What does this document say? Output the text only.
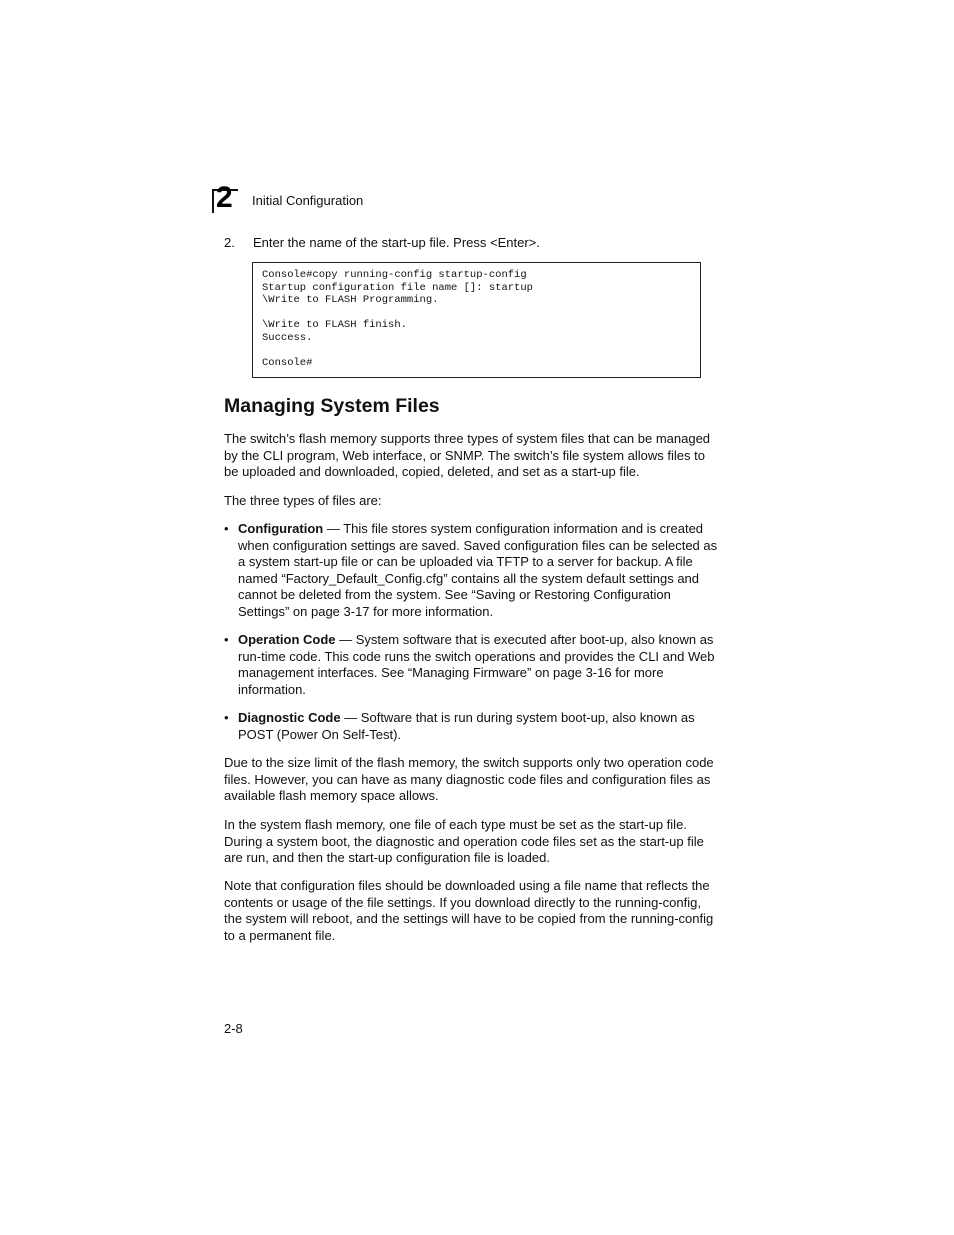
2 Initial Configuration
2. Enter the name of the start-up file. Press <Enter>.
Console#copy running-config startup-config
Startup configuration file name []: startup
\Write to FLASH Programming.
\Write to FLASH finish.
Success.
Console#
Managing System Files

The switch’s flash memory supports three types of system files that can be managed by the CLI program, Web interface, or SNMP. The switch’s file system allows files to be uploaded and downloaded, copied, deleted, and set as a start-up file.

The three types of files are:

• Configuration — This file stores system configuration information and is created when configuration settings are saved. Saved configuration files can be selected as a system start-up file or can be uploaded via TFTP to a server for backup. A file named “Factory_Default_Config.cfg” contains all the system default settings and cannot be deleted from the system. See “Saving or Restoring Configuration Settings” on page 3-17 for more information.
• Operation Code — System software that is executed after boot-up, also known as run-time code. This code runs the switch operations and provides the CLI and Web management interfaces. See “Managing Firmware” on page 3-16 for more information.
• Diagnostic Code — Software that is run during system boot-up, also known as POST (Power On Self-Test).

Due to the size limit of the flash memory, the switch supports only two operation code files. However, you can have as many diagnostic code files and configuration files as available flash memory space allows.

In the system flash memory, one file of each type must be set as the start-up file. During a system boot, the diagnostic and operation code files set as the start-up file are run, and then the start-up configuration file is loaded.

Note that configuration files should be downloaded using a file name that reflects the contents or usage of the file settings. If you download directly to the running-config, the system will reboot, and the settings will have to be copied from the running-config to a permanent file.

2-8
